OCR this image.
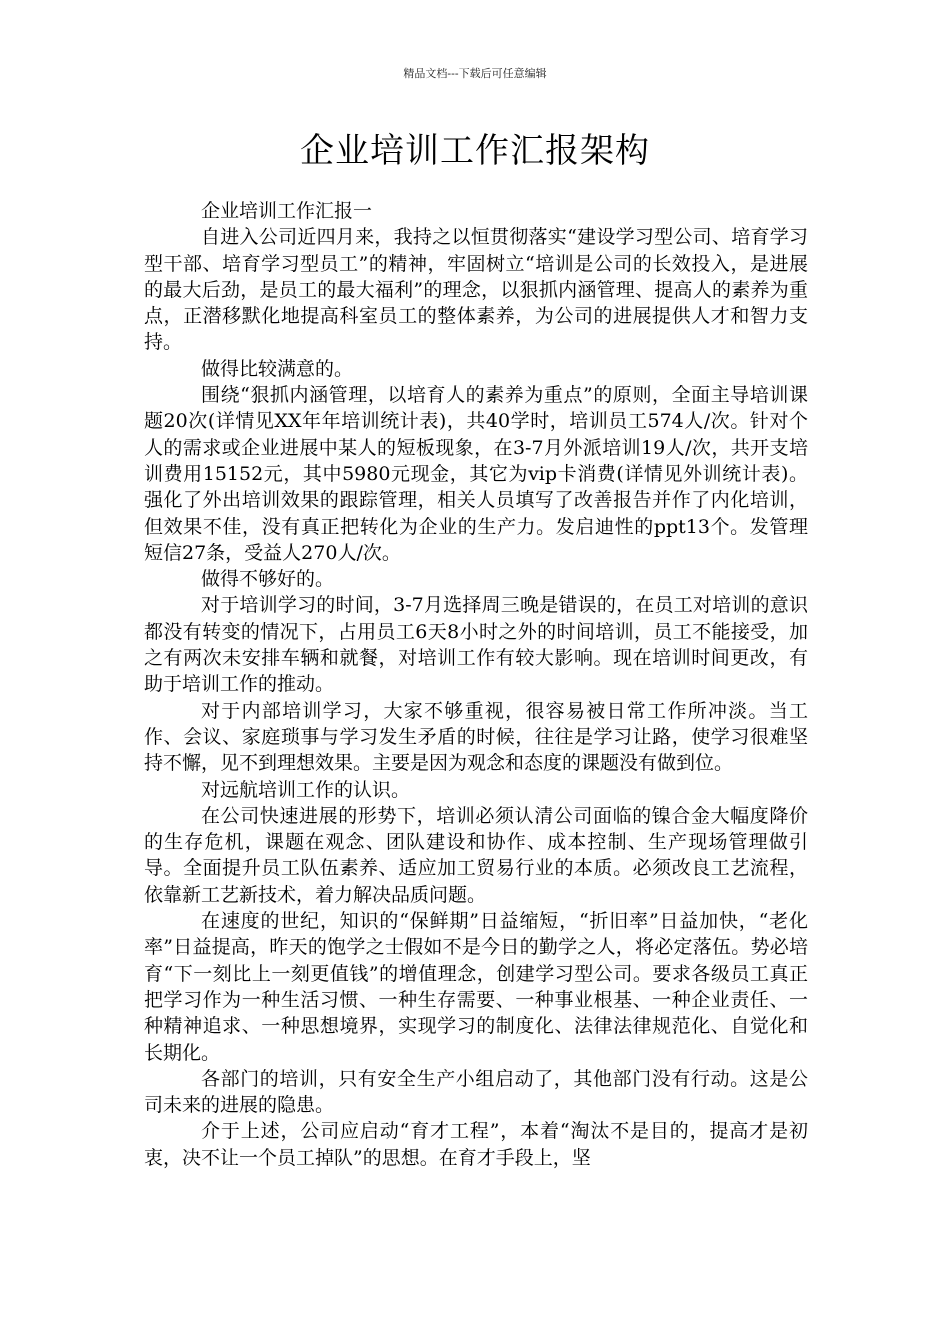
精品文档---下载后可任意编辑
企业培训工作汇报架构

企业培训工作汇报一

自进入公司近四月来，我持之以恒贯彻落实“建设学习型公司、培育学习型干部、培育学习型员工”的精神，牢固树立“培训是公司的长效投入，是进展的最大后劲，是员工的最大福利”的理念，以狠抓内涵管理、提高人的素养为重点，正潜移默化地提高科室员工的整体素养，为公司的进展提供人才和智力支持。

做得比较满意的。

围绕“狠抓内涵管理，以培育人的素养为重点”的原则，全面主导培训课题20次(详情见XX年年培训统计表)，共40学时，培训员工574人/次。针对个人的需求或企业进展中某人的短板现象，在3-7月外派培训19人/次，共开支培训费用15152元，其中5980元现金，其它为vip卡消费(详情见外训统计表)。强化了外出培训效果的跟踪管理，相关人员填写了改善报告并作了内化培训，但效果不佳，没有真正把转化为企业的生产力。发启迪性的ppt13个。发管理短信27条，受益人270人/次。

做得不够好的。

对于培训学习的时间，3-7月选择周三晚是错误的，在员工对培训的意识都没有转变的情况下，占用员工6天8小时之外的时间培训，员工不能接受，加之有两次未安排车辆和就餐，对培训工作有较大影响。现在培训时间更改，有助于培训工作的推动。

对于内部培训学习，大家不够重视，很容易被日常工作所冲淡。当工作、会议、家庭琐事与学习发生矛盾的时候，往往是学习让路，使学习很难坚持不懈，见不到理想效果。主要是因为观念和态度的课题没有做到位。

对远航培训工作的认识。

在公司快速进展的形势下，培训必须认清公司面临的镍合金大幅度降价的生存危机，课题在观念、团队建设和协作、成本控制、生产现场管理做引导。全面提升员工队伍素养、适应加工贸易行业的本质。必须改良工艺流程，依靠新工艺新技术，着力解决品质问题。

在速度的世纪，知识的“保鲜期”日益缩短，“折旧率”日益加快，“老化率”日益提高，昨天的饱学之士假如不是今日的勤学之人，将必定落伍。势必培育“下一刻比上一刻更值钱”的增值理念，创建学习型公司。要求各级员工真正把学习作为一种生活习惯、一种生存需要、一种事业根基、一种企业责任、一种精神追求、一种思想境界，实现学习的制度化、法律法律规范化、自觉化和长期化。

各部门的培训，只有安全生产小组启动了，其他部门没有行动。这是公司未来的进展的隐患。

介于上述，公司应启动“育才工程”，本着“淘汰不是目的，提高才是初衷，决不让一个员工掉队”的思想。在育才手段上，坚
